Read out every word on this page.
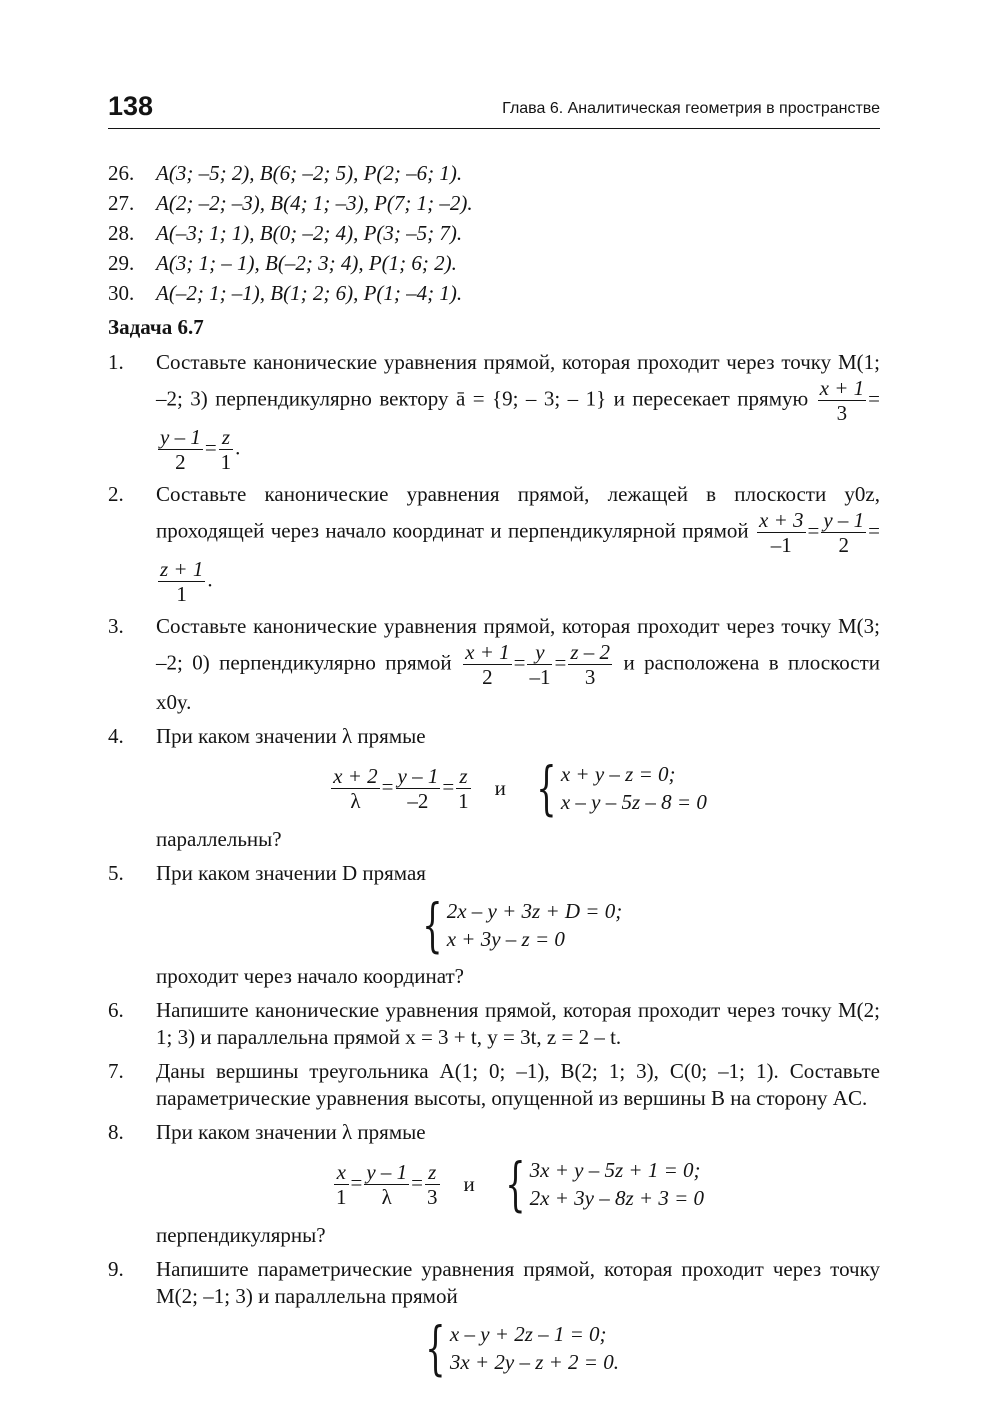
138	Глава 6. Аналитическая геометрия в пространстве
26.	A(3; –5; 2), B(6; –2; 5), P(2; –6; 1).
27.	A(2; –2; –3), B(4; 1; –3), P(7; 1; –2).
28.	A(–3; 1; 1), B(0; –2; 4), P(3; –5; 7).
29.	A(3; 1; – 1), B(–2; 3; 4), P(1; 6; 2).
30.	A(–2; 1; –1), B(1; 2; 6), P(1; –4; 1).
Задача 6.7
1.	Составьте канонические уравнения прямой, которая проходит через точку M(1; –2; 3) перпендикулярно вектору ā = {9; – 3; – 1} и пересекает прямую $\frac{x + 1}{3}$ =
$\frac{y - 1}{2} = \frac{z}{1}$ .
2.	Составьте канонические уравнения прямой, лежащей в плоскости y0z, проходящей через начало координат и перпендикулярной прямой $\frac{x + 3}{-1} = \frac{y - 1}{2}$ =
$\frac{z + 1}{1}$ .
3.	Составьте канонические уравнения прямой, которая проходит через точку M(3; –2; 0) перпендикулярно прямой $\frac{x + 1}{2} = \frac{y}{-1} = \frac{z - 2}{3}$ и расположена в плоскости x0y.
4.	При каком значении λ прямые
$\frac{x + 2}{\lambda} = \frac{y - 1}{-2} = \frac{z}{1}$ и { x + y – z = 0;
x – y – 5z – 8 = 0
параллельны?
5.	При каком значении D прямая
{ 2x – y + 3z + D = 0;
x + 3y – z = 0
проходит через начало координат?
6.	Напишите канонические уравнения прямой, которая проходит через точку M(2; 1; 3) и параллельна прямой x = 3 + t, y = 3t, z = 2 – t.
7.	Даны вершины треугольника A(1; 0; –1), B(2; 1; 3), C(0; –1; 1). Составьте параметрические уравнения высоты, опущенной из вершины B на сторону AC.
8.	При каком значении λ прямые
$\frac{x}{1} = \frac{y - 1}{\lambda} = \frac{z}{3}$ и { 3x + y – 5z + 1 = 0;
2x + 3y – 8z + 3 = 0
перпендикулярны?
9.	Напишите параметрические уравнения прямой, которая проходит через точку M(2; –1; 3) и параллельна прямой
{ x – y + 2z – 1 = 0;
3x + 2y – z + 2 = 0.
